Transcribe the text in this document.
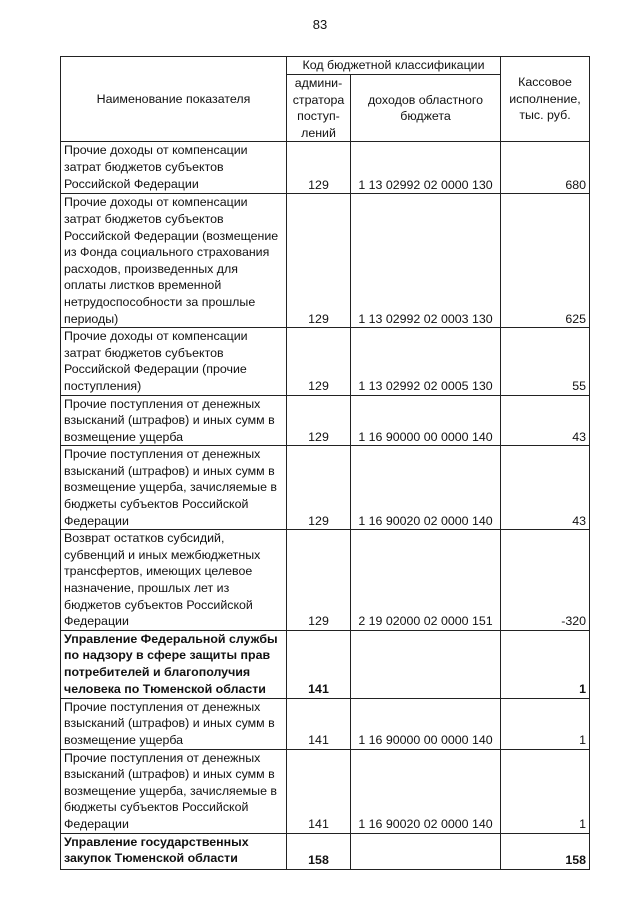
83
Наименование показателя	Код бюджетной классификации		Кассовое исполнение, тыс. руб.
	админи-стратора поступ-лений	доходов областного бюджета	
Прочие доходы от компенсации затрат бюджетов субъектов Российской Федерации	129	1 13 02992 02 0000 130	680
Прочие доходы от компенсации затрат бюджетов субъектов Российской Федерации (возмещение из Фонда социального страхования расходов, произведенных для оплаты листков временной нетрудоспособности за прошлые периоды)	129	1 13 02992 02 0003 130	625
Прочие доходы от компенсации затрат бюджетов субъектов Российской Федерации (прочие поступления)	129	1 13 02992 02 0005 130	55
Прочие поступления от денежных взысканий (штрафов) и иных сумм в возмещение ущерба	129	1 16 90000 00 0000 140	43
Прочие поступления от денежных взысканий (штрафов) и иных сумм в возмещение ущерба, зачисляемые в бюджеты субъектов Российской Федерации	129	1 16 90020 02 0000 140	43
Возврат остатков субсидий, субвенций и иных межбюджетных трансфертов, имеющих целевое назначение, прошлых лет из бюджетов субъектов Российской Федерации	129	2 19 02000 02 0000 151	-320
Управление Федеральной службы по надзору в сфере защиты прав потребителей и благополучия человека по Тюменской области	141		1
Прочие поступления от денежных взысканий (штрафов) и иных сумм в возмещение ущерба	141	1 16 90000 00 0000 140	1
Прочие поступления от денежных взысканий (штрафов) и иных сумм в возмещение ущерба, зачисляемые в бюджеты субъектов Российской Федерации	141	1 16 90020 02 0000 140	1
Управление государственных закупок Тюменской области	158		158
